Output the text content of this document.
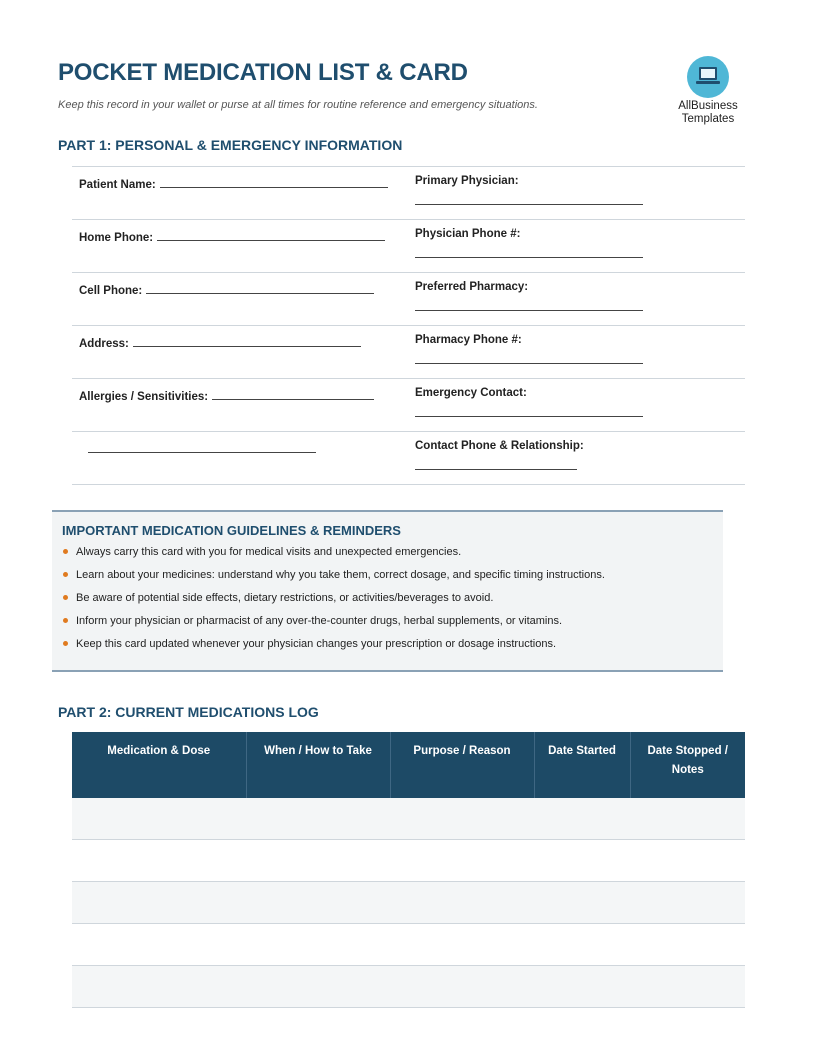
POCKET MEDICATION LIST & CARD
Keep this record in your wallet or purse at all times for routine reference and emergency situations.	AllBusiness
Templates
PART 1: PERSONAL & EMERGENCY INFORMATION
Patient Name:	Primary Physician:
Home Phone:	Physician Phone #:
Cell Phone:	Preferred Pharmacy:
Address:	Pharmacy Phone #:
Allergies / Sensitivities:	Emergency Contact:
Contact Phone & Relationship:
IMPORTANT MEDICATION GUIDELINES & REMINDERS
Always carry this card with you for medical visits and unexpected emergencies.
Learn about your medicines: understand why you take them, correct dosage, and specific timing instructions.
Be aware of potential side effects, dietary restrictions, or activities/beverages to avoid.
Inform your physician or pharmacist of any over-the-counter drugs, herbal supplements, or vitamins.
Keep this card updated whenever your physician changes your prescription or dosage instructions.
PART 2: CURRENT MEDICATIONS LOG
Medication & Dose	When / How to Take	Purpose / Reason	Date Started	Date Stopped / Notes
